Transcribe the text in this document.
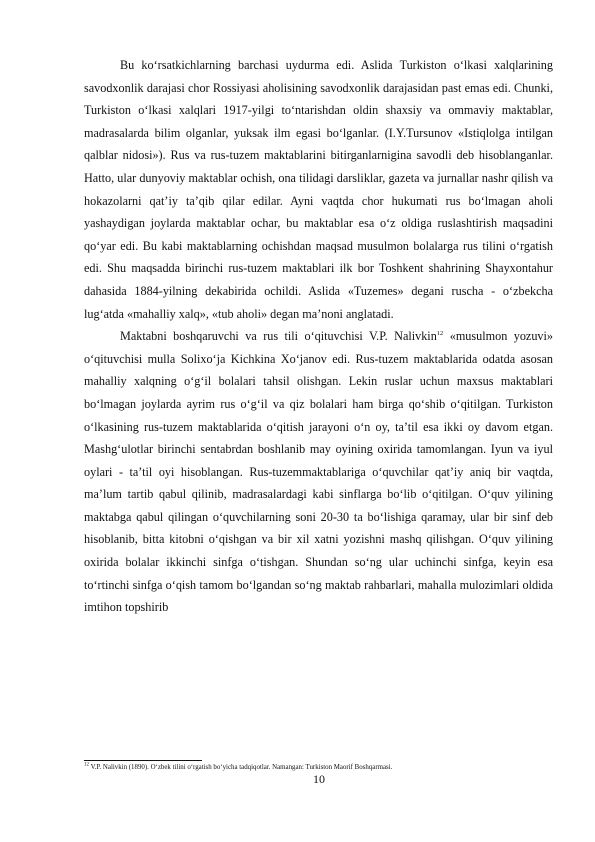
Bu ko‘rsatkichlarning barchasi uydurma edi. Aslida Turkiston o‘lkasi xalqlarining savodxonlik darajasi chor Rossiyasi aholisining savodxonlik darajasidan past emas edi. Chunki, Turkiston o‘lkasi xalqlari 1917-yilgi to‘ntarishdan oldin shaxsiy va ommaviy maktablar, madrasalarda bilim olganlar, yuksak ilm egasi bo‘lganlar. (I.Y.Tursunov «Istiqlolga intilgan qalblar nidosi»). Rus va rus-tuzem maktablarini bitirganlarnigina savodli deb hisoblanganlar. Hatto, ular dunyoviy maktablar ochish, ona tilidagi darsliklar, gazeta va jurnallar nashr qilish va hokazolarni qat’iy ta’qib qilar edilar. Ayni vaqtda chor hukumati rus bo‘lmagan aholi yashaydigan joylarda maktablar ochar, bu maktablar esa o‘z oldiga ruslashtirish maqsadini qo‘yar edi. Bu kabi maktablarning ochishdan maqsad musulmon bolalarga rus tilini o‘rgatish edi. Shu maqsadda birinchi rus-tuzem maktablari ilk bor Toshkent shahrining Shayxontahur dahasida 1884-yilning dekabirida ochildi. Aslida «Tuzemes» degani ruscha - o‘zbekcha lug‘atda «mahalliy xalq», «tub aholi» degan ma’noni anglatadi.

Maktabni boshqaruvchi va rus tili o‘qituvchisi V.P. Nalivkin$^{12}$ «musulmon yozuvi» o‘qituvchisi mulla Solixo‘ja Kichkina Xo‘janov edi. Rus-tuzem maktablarida odatda asosan mahalliy xalqning o‘g‘il bolalari tahsil olishgan. Lekin ruslar uchun maxsus maktablari bo‘lmagan joylarda ayrim rus o‘g‘il va qiz bolalari ham birga qo‘shib o‘qitilgan. Turkiston o‘lkasining rus-tuzem maktablarida o‘qitish jarayoni o‘n oy, ta’til esa ikki oy davom etgan. Mashg‘ulotlar birinchi sentabrdan boshlanib may oyining oxirida tamomlangan. Iyun va iyul oylari - ta’til oyi hisoblangan. Rus-tuzemmaktablariga o‘quvchilar qat’iy aniq bir vaqtda, ma’lum tartib qabul qilinib, madrasalardagi kabi sinflarga bo‘lib o‘qitilgan. O‘quv yilining maktabga qabul qilingan o‘quvchilarning soni 20-30 ta bo‘lishiga qaramay, ular bir sinf deb hisoblanib, bitta kitobni o‘qishgan va bir xil xatni yozishni mashq qilishgan. O‘quv yilining oxirida bolalar ikkinchi sinfga o‘tishgan. Shundan so‘ng ular uchinchi sinfga, keyin esa to‘rtinchi sinfga o‘qish tamom bo‘lgandan so‘ng maktab rahbarlari, mahalla mulozimlari oldida imtihon topshirib

$^{12}$ V.P. Nalivkin (1890). O‘zbek tilini o‘rgatish bo‘yicha tadqiqotlar. Namangan: Turkiston Maorif Boshqarmasi.
10
